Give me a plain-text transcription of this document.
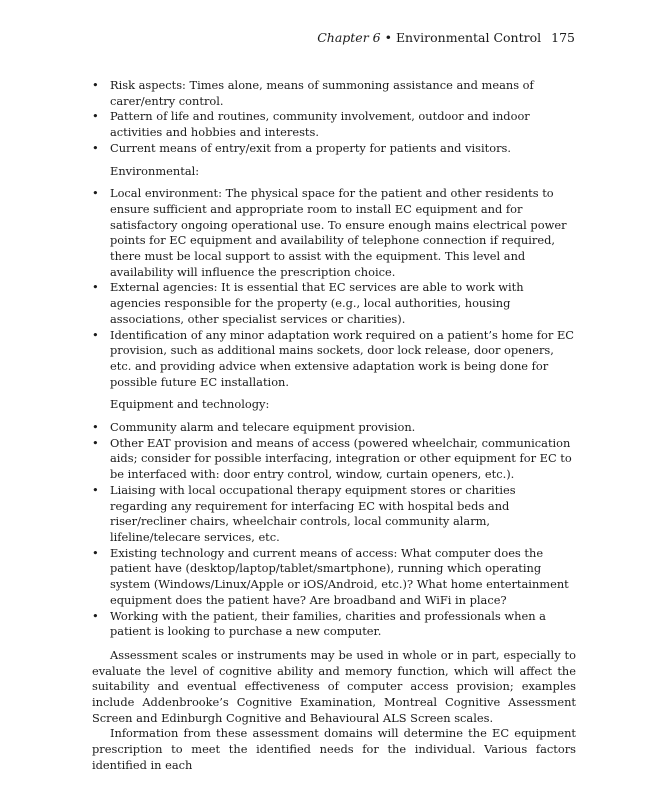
Chapter 6 • Environmental Control 175
• Risk aspects: Times alone, means of summoning assistance and means of carer/entry control.
• Pattern of life and routines, community involvement, outdoor and indoor activities and hobbies and interests.
• Current means of entry/exit from a property for patients and visitors.
Environmental:
• Local environment: The physical space for the patient and other residents to ensure sufficient and appropriate room to install EC equipment and for satisfactory ongoing operational use. To ensure enough mains electrical power points for EC equipment and availability of telephone connection if required, there must be local support to assist with the equipment. This level and availability will influence the prescription choice.
• External agencies: It is essential that EC services are able to work with agencies responsible for the property (e.g., local authorities, housing associations, other specialist services or charities).
• Identification of any minor adaptation work required on a patient’s home for EC provision, such as additional mains sockets, door lock release, door openers, etc. and providing advice when extensive adaptation work is being done for possible future EC installation.
Equipment and technology:
• Community alarm and telecare equipment provision.
• Other EAT provision and means of access (powered wheelchair, communication aids; consider for possible interfacing, integration or other equipment for EC to be interfaced with: door entry control, window, curtain openers, etc.).
• Liaising with local occupational therapy equipment stores or charities regarding any requirement for interfacing EC with hospital beds and riser/recliner chairs, wheelchair controls, local community alarm, lifeline/telecare services, etc.
• Existing technology and current means of access: What computer does the patient have (desktop/laptop/tablet/smartphone), running which operating system (Windows/Linux/Apple or iOS/Android, etc.)? What home entertainment equipment does the patient have? Are broadband and WiFi in place?
• Working with the patient, their families, charities and professionals when a patient is looking to purchase a new computer.

Assessment scales or instruments may be used in whole or in part, especially to evaluate the level of cognitive ability and memory function, which will affect the suitability and eventual effectiveness of computer access provision; examples include Addenbrooke’s Cognitive Examination, Montreal Cognitive Assessment Screen and Edinburgh Cognitive and Behavioural ALS Screen scales.

Information from these assessment domains will determine the EC equipment prescription to meet the identified needs for the individual. Various factors identified in each
